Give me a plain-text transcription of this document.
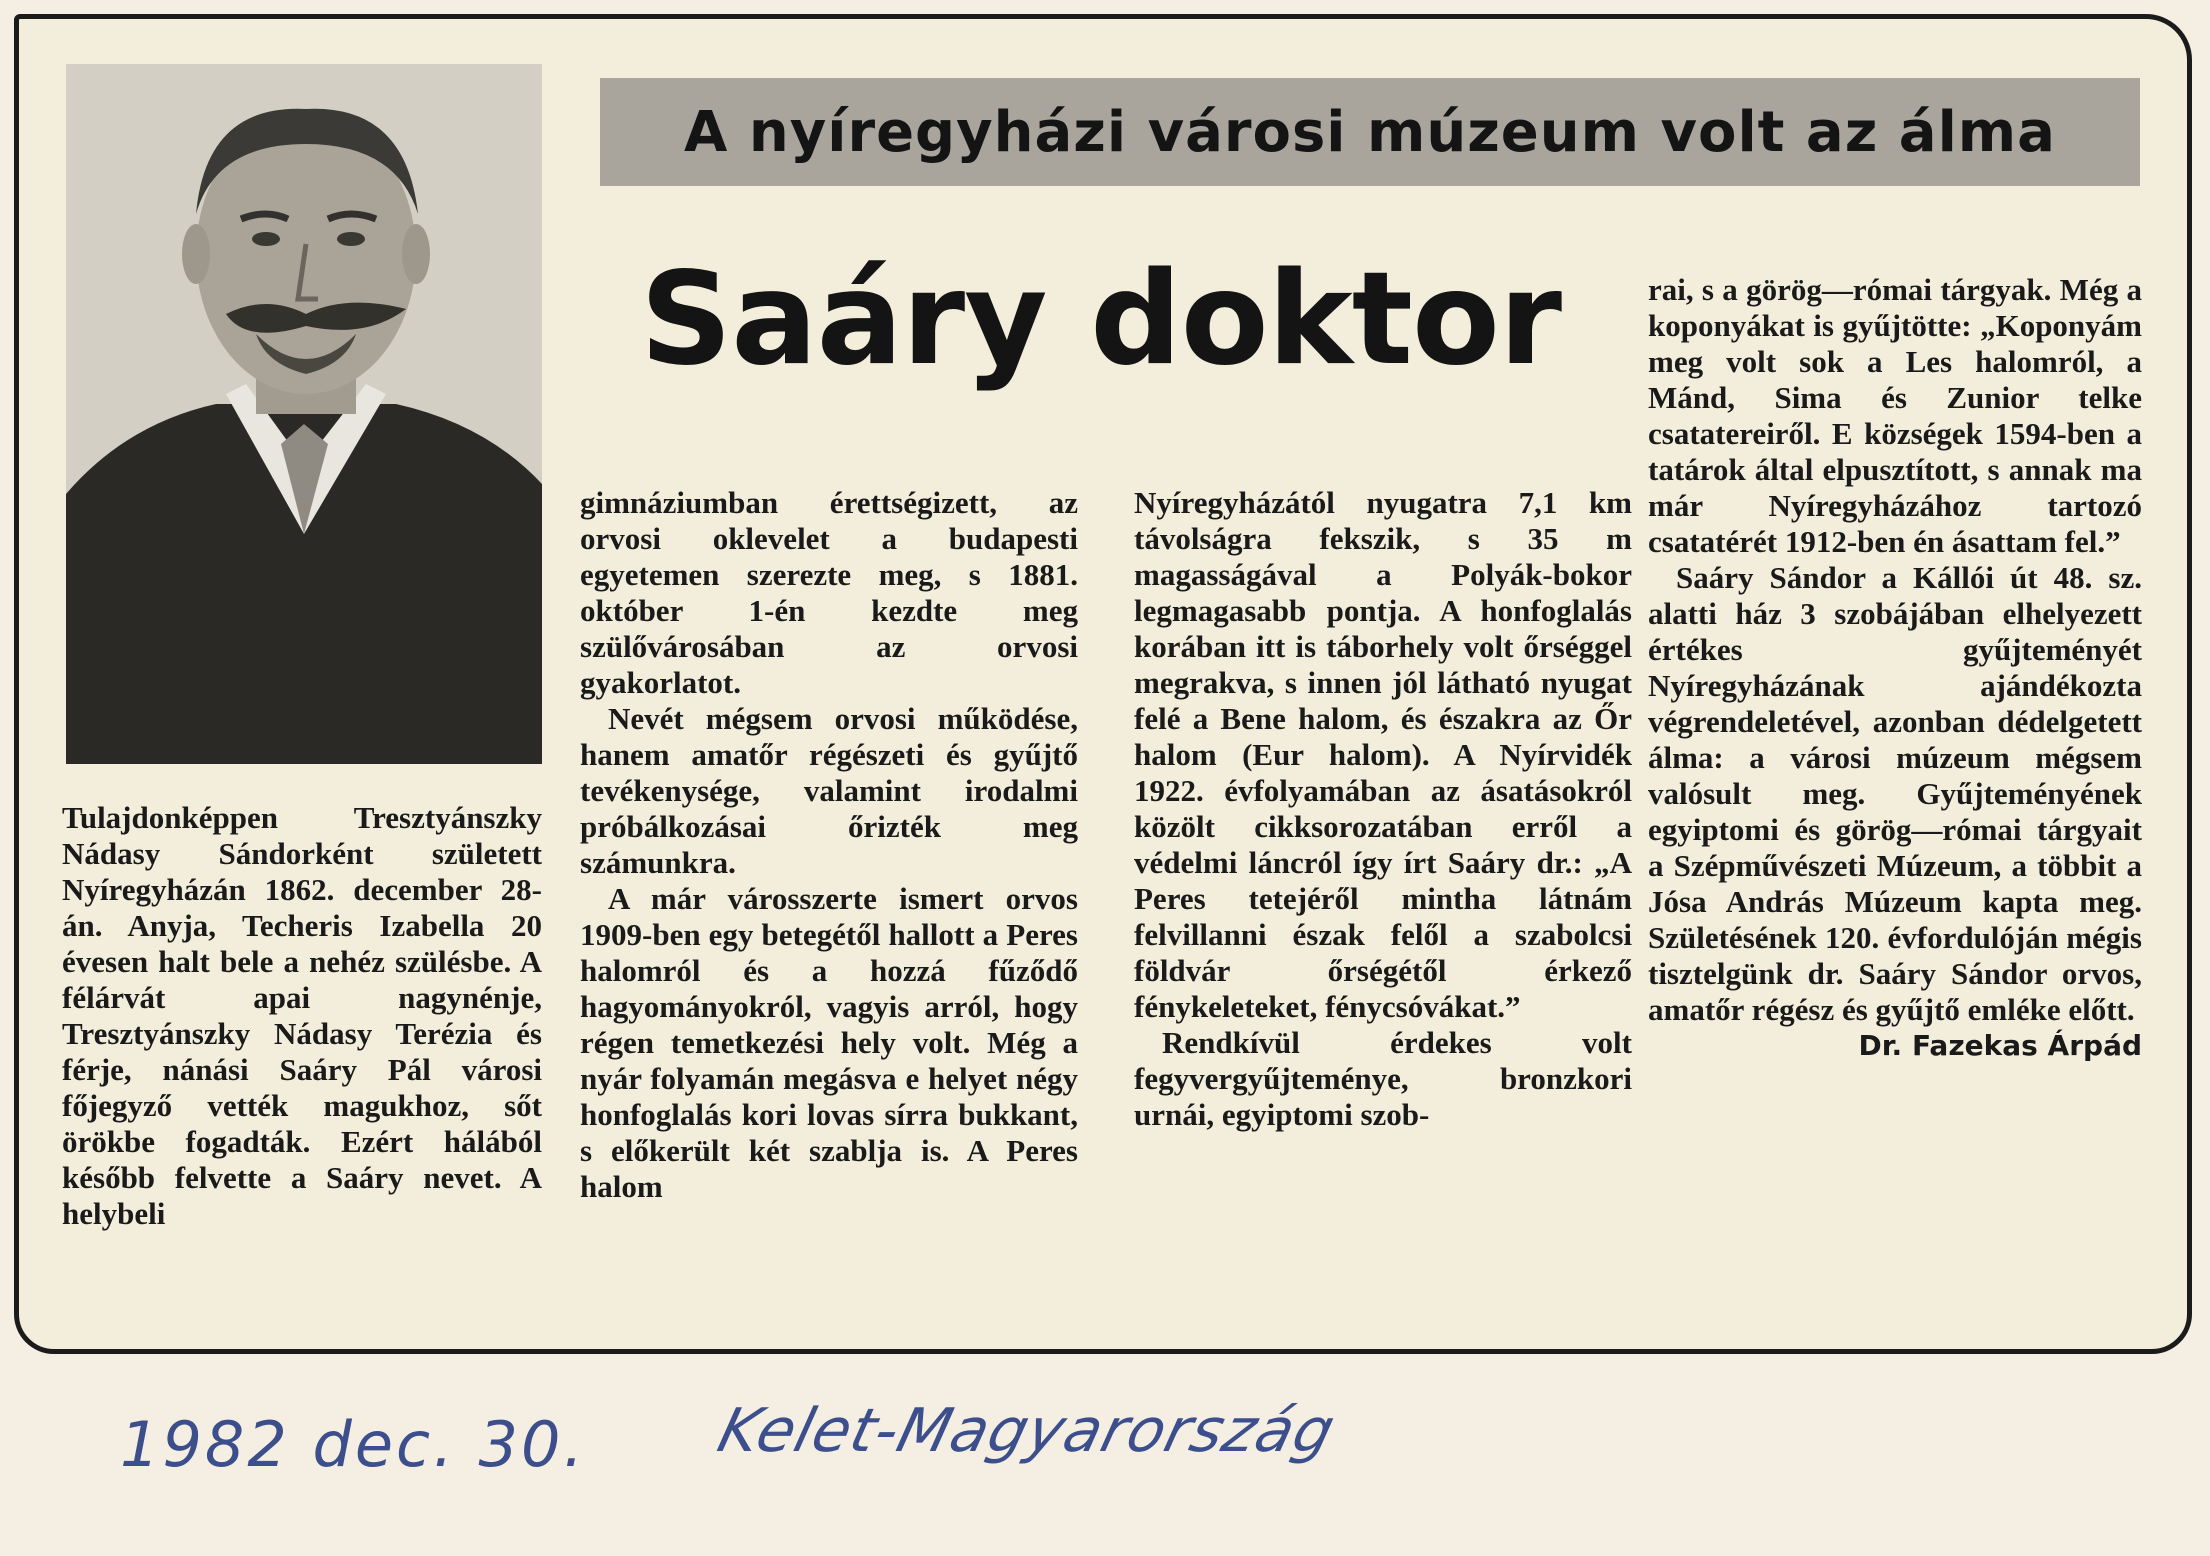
A nyíregyházi városi múzeum volt az álma
Saáry doktor

Tulajdonképpen Tresztyánszky Nádasy Sándorként született Nyíregyházán 1862. december 28-án. Anyja, Techeris Izabella 20 évesen halt bele a nehéz szülésbe. A félárvát apai nagynénje, Tresztyánszky Nádasy Terézia és férje, nánási Saáry Pál városi főjegyző vették magukhoz, sőt örökbe fogadták. Ezért hálából később felvette a Saáry nevet. A helybeli

gimnáziumban érettségizett, az orvosi oklevelet a budapesti egyetemen szerezte meg, s 1881. október 1-én kezdte meg szülővárosában az orvosi gyakorlatot.

Nevét mégsem orvosi működése, hanem amatőr régészeti és gyűjtő tevékenysége, valamint irodalmi próbálkozásai őrizték meg számunkra.

A már városszerte ismert orvos 1909-ben egy betegétől hallott a Peres halomról és a hozzá fűződő hagyományokról, vagyis arról, hogy régen temetkezési hely volt. Még a nyár folyamán megásva e helyet négy honfoglalás kori lovas sírra bukkant, s előkerült két szablja is. A Peres halom

Nyíregyházától nyugatra 7,1 km távolságra fekszik, s 35 m magasságával a Polyák-bokor legmagasabb pontja. A honfoglalás korában itt is táborhely volt őrséggel megrakva, s innen jól látható nyugat felé a Bene halom, és északra az Őr halom (Eur halom). A Nyírvidék 1922. évfolyamában az ásatásokról közölt cikksorozatában erről a védelmi láncról így írt Saáry dr.: „A Peres tetejéről mintha látnám felvillanni észak felől a szabolcsi földvár őrségétől érkező fénykeleteket, fénycsóvákat.”

Rendkívül érdekes volt fegyvergyűjteménye, bronzkori urnái, egyiptomi szob-

rai, s a görög—római tárgyak. Még a koponyákat is gyűjtötte: „Koponyám meg volt sok a Les halomról, a Mánd, Sima és Zunior telke csatatereiről. E községek 1594-ben a tatárok által elpusztított, s annak ma már Nyíregyházához tartozó csatatérét 1912-ben én ásattam fel.”

Saáry Sándor a Kállói út 48. sz. alatti ház 3 szobájában elhelyezett értékes gyűjteményét Nyíregyházának ajándékozta végrendeletével, azonban dédelgetett álma: a városi múzeum mégsem valósult meg. Gyűjteményének egyiptomi és görög—római tárgyait a Szépművészeti Múzeum, a többit a Jósa András Múzeum kapta meg. Születésének 120. évfordulóján mégis tisztelgünk dr. Saáry Sándor orvos, amatőr régész és gyűjtő emléke előtt.

Dr. Fazekas Árpád

1982 dec. 30. Kelet-Magyarország
